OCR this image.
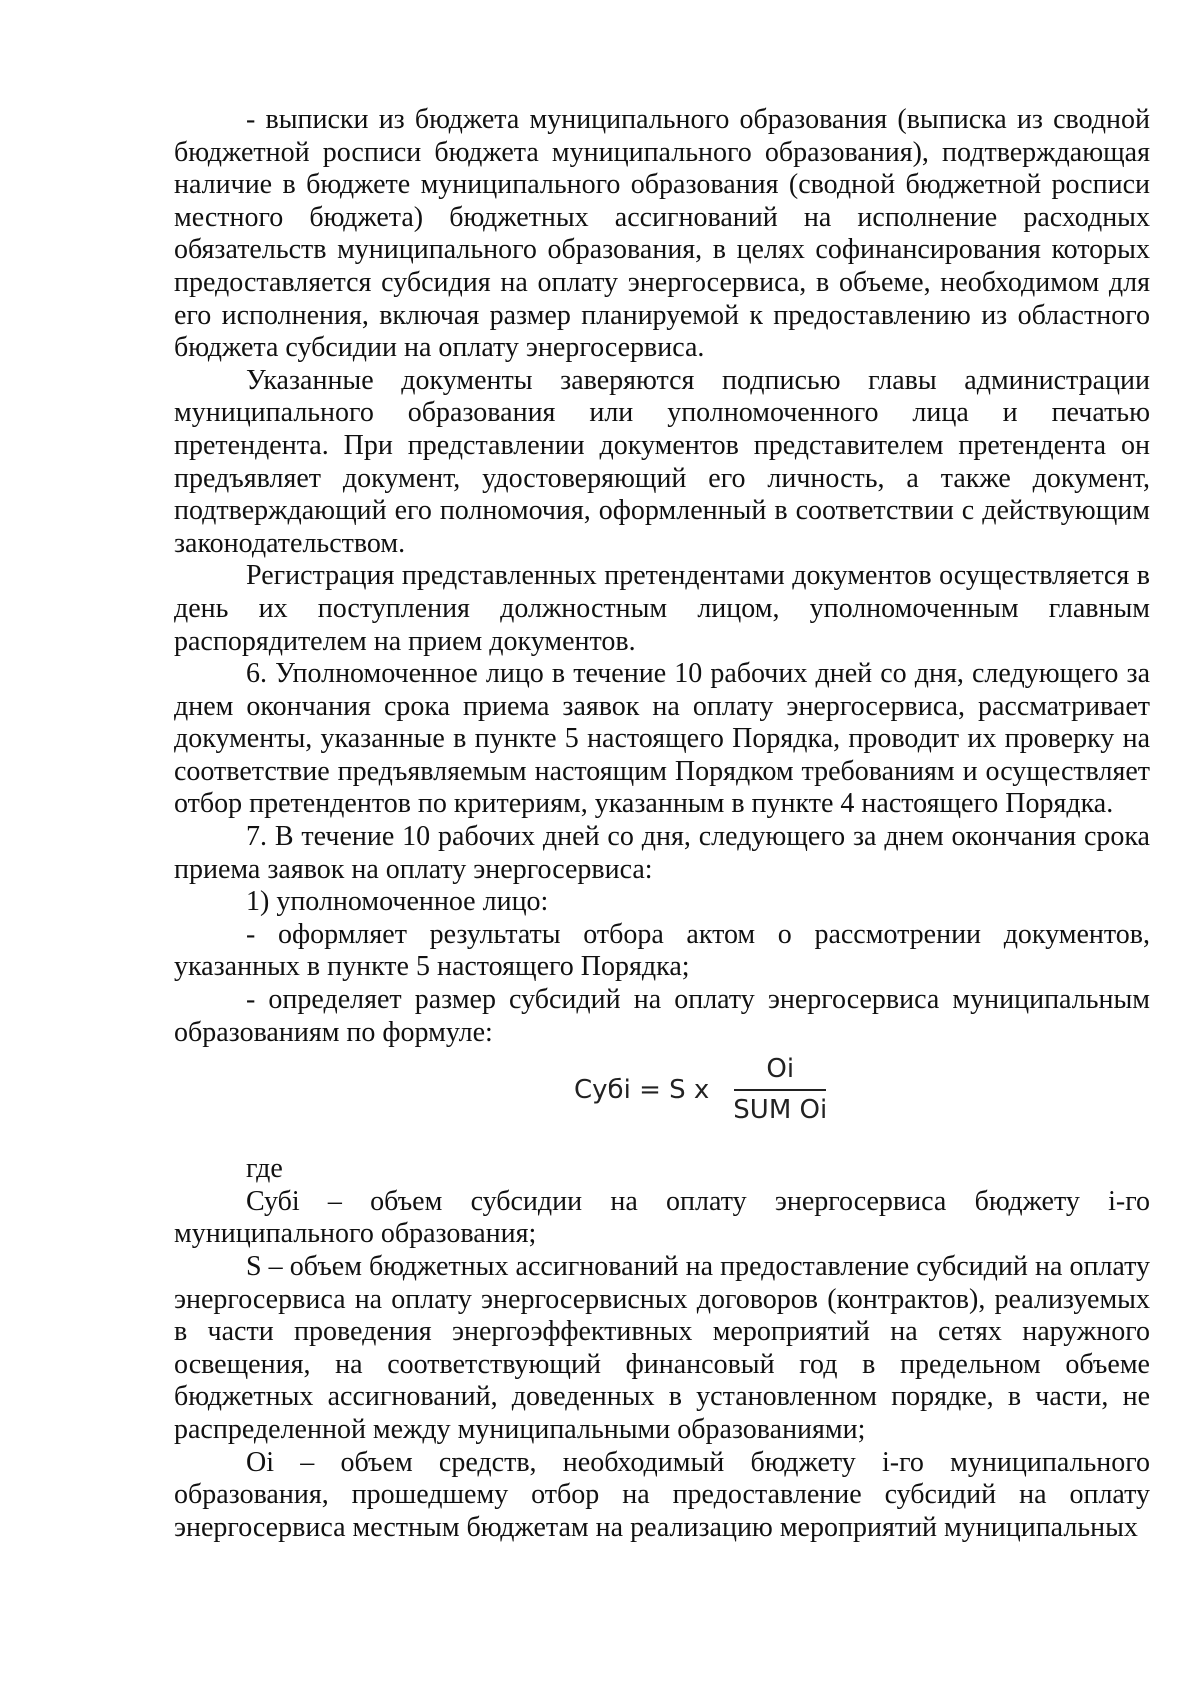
- выписки из бюджета муниципального образования (выписка из сводной бюджетной росписи бюджета муниципального образования), подтверждающая наличие в бюджете муниципального образования (сводной бюджетной росписи местного бюджета) бюджетных ассигнований на исполнение расходных обязательств муниципального образования, в целях софинансирования которых предоставляется субсидия на оплату энергосервиса, в объеме, необходимом для его исполнения, включая размер планируемой к предоставлению из областного бюджета субсидии на оплату энергосервиса.

Указанные документы заверяются подписью главы администрации муниципального образования или уполномоченного лица и печатью претендента. При представлении документов представителем претендента он предъявляет документ, удостоверяющий его личность, а также документ, подтверждающий его полномочия, оформленный в соответствии с действующим законодательством.

Регистрация представленных претендентами документов осуществляется в день их поступления должностным лицом, уполномоченным главным распорядителем на прием документов.

6. Уполномоченное лицо в течение 10 рабочих дней со дня, следующего за днем окончания срока приема заявок на оплату энергосервиса, рассматривает документы, указанные в пункте 5 настоящего Порядка, проводит их проверку на соответствие предъявляемым настоящим Порядком требованиям и осуществляет отбор претендентов по критериям, указанным в пункте 4 настоящего Порядка.

7. В течение 10 рабочих дней со дня, следующего за днем окончания срока приема заявок на оплату энергосервиса:

1) уполномоченное лицо:

- оформляет результаты отбора актом о рассмотрении документов, указанных в пункте 5 настоящего Порядка;

- определяет размер субсидий на оплату энергосервиса муниципальным образованиям по формуле:

Субi = S x $\frac{Oi}{\text{SUM Oi}}$

где

Субi – объем субсидии на оплату энергосервиса бюджету i-го муниципального образования;

S – объем бюджетных ассигнований на предоставление субсидий на оплату энергосервиса на оплату энергосервисных договоров (контрактов), реализуемых в части проведения энергоэффективных мероприятий на сетях наружного освещения, на соответствующий финансовый год в предельном объеме бюджетных ассигнований, доведенных в установленном порядке, в части, не распределенной между муниципальными образованиями;

Oi – объем средств, необходимый бюджету i-го муниципального образования, прошедшему отбор на предоставление субсидий на оплату энергосервиса местным бюджетам на реализацию мероприятий муниципальных
